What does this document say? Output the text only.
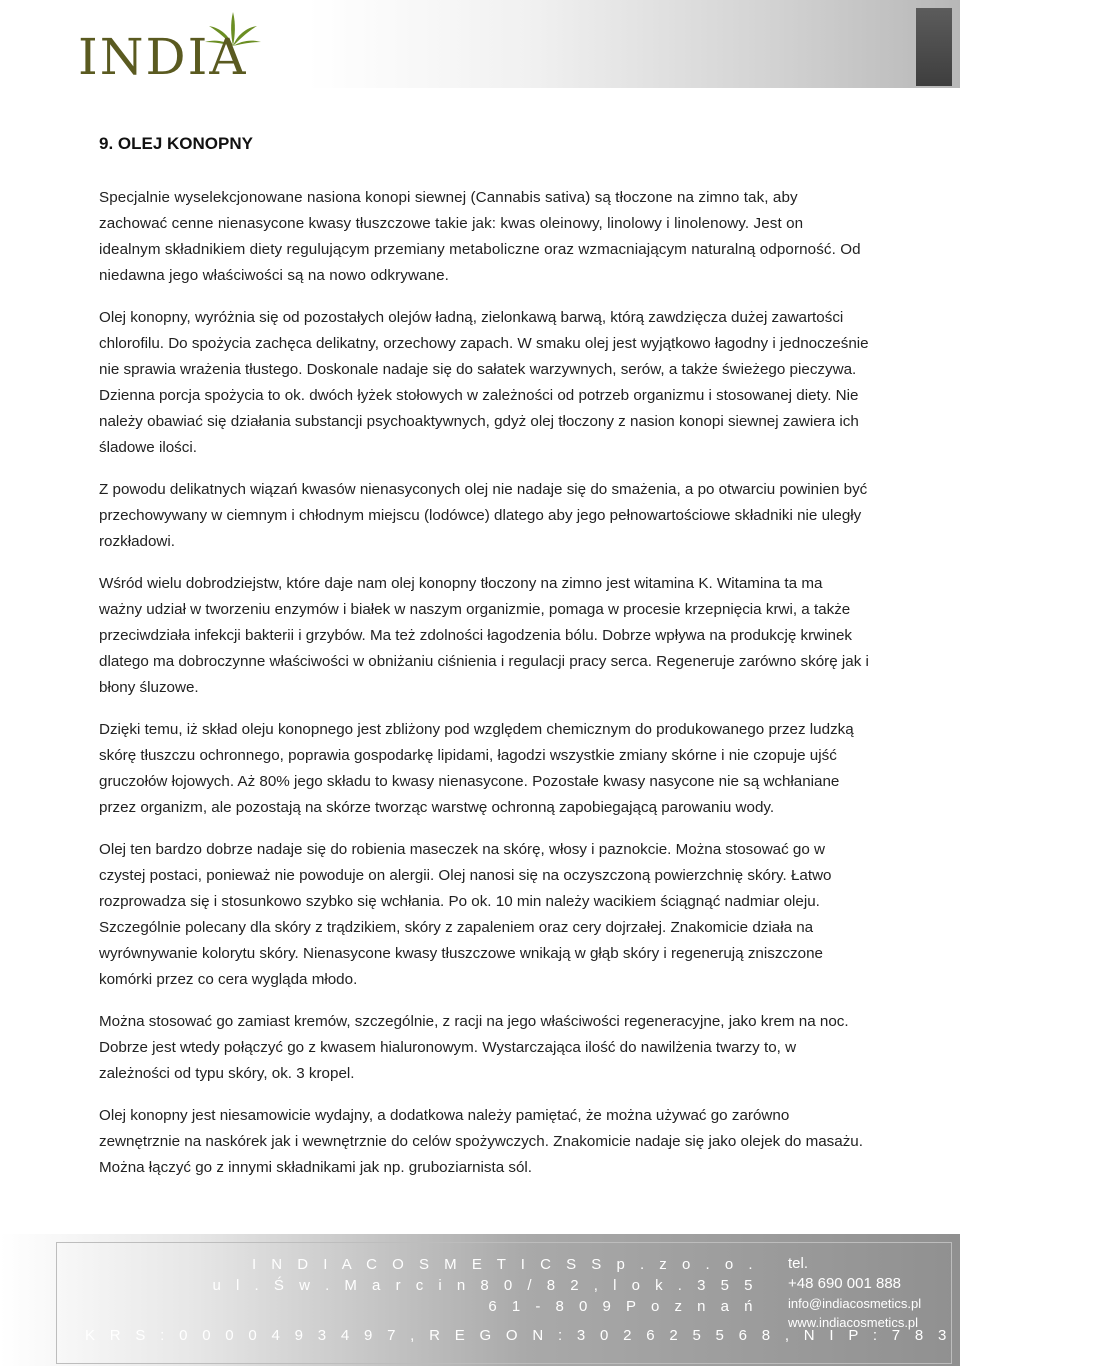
INDIA
9. OLEJ KONOPNY

Specjalnie wyselekcjonowane nasiona konopi siewnej (Cannabis sativa) są tłoczone na zimno tak, aby zachować cenne nienasycone kwasy tłuszczowe takie jak: kwas oleinowy, linolowy i linolenowy. Jest on idealnym składnikiem diety regulującym przemiany metaboliczne oraz wzmacniającym naturalną odporność. Od niedawna jego właściwości są na nowo odkrywane.

Olej konopny, wyróżnia się od pozostałych olejów ładną, zielonkawą barwą, którą zawdzięcza dużej zawartości chlorofilu. Do spożycia zachęca delikatny, orzechowy zapach. W smaku olej jest wyjątkowo łagodny i jednocześnie nie sprawia wrażenia tłustego. Doskonale nadaje się do sałatek warzywnych, serów, a także świeżego pieczywa. Dzienna porcja spożycia to ok. dwóch łyżek stołowych w zależności od potrzeb organizmu i stosowanej diety. Nie należy obawiać się działania substancji psychoaktywnych, gdyż olej tłoczony z nasion konopi siewnej zawiera ich śladowe ilości.

Z powodu delikatnych wiązań kwasów nienasyconych olej nie nadaje się do smażenia, a po otwarciu powinien być przechowywany w ciemnym i chłodnym miejscu (lodówce) dlatego aby jego pełnowartościowe składniki nie uległy rozkładowi.

Wśród wielu dobrodziejstw, które daje nam olej konopny tłoczony na zimno jest witamina K. Witamina ta ma ważny udział w tworzeniu enzymów i białek w naszym organizmie, pomaga w procesie krzepnięcia krwi, a także przeciwdziała infekcji bakterii i grzybów. Ma też zdolności łagodzenia bólu. Dobrze wpływa na produkcję krwinek dlatego ma dobroczynne właściwości w obniżaniu ciśnienia i regulacji pracy serca. Regeneruje zarówno skórę jak i błony śluzowe.

Dzięki temu, iż skład oleju konopnego jest zbliżony pod względem chemicznym do produkowanego przez ludzką skórę tłuszczu ochronnego, poprawia gospodarkę lipidami, łagodzi wszystkie zmiany skórne i nie czopuje ujść gruczołów łojowych. Aż 80% jego składu to kwasy nienasycone. Pozostałe kwasy nasycone nie są wchłaniane przez organizm, ale pozostają na skórze tworząc warstwę ochronną zapobiegającą parowaniu wody.

Olej ten bardzo dobrze nadaje się do robienia maseczek na skórę, włosy i paznokcie. Można stosować go w czystej postaci, ponieważ nie powoduje on alergii. Olej nanosi się na oczyszczoną powierzchnię skóry. Łatwo rozprowadza się i stosunkowo szybko się wchłania. Po ok. 10 min należy wacikiem ściągnąć nadmiar oleju. Szczególnie polecany dla skóry z trądzikiem, skóry z zapaleniem oraz cery dojrzałej. Znakomicie działa na wyrównywanie kolorytu skóry. Nienasycone kwasy tłuszczowe wnikają w głąb skóry i regenerują zniszczone komórki przez co cera wygląda młodo.

Można stosować go zamiast kremów, szczególnie, z racji na jego właściwości regeneracyjne, jako krem na noc. Dobrze jest wtedy połączyć go z kwasem hialuronowym. Wystarczająca ilość do nawilżenia twarzy to, w zależności od typu skóry, ok. 3 kropel.

Olej konopny jest niesamowicie wydajny, a dodatkowa należy pamiętać, że można używać go zarówno zewnętrznie na naskórek jak i wewnętrznie do celów spożywczych. Znakomicie nadaje się jako olejek do masażu. Można łączyć go z innymi składnikami jak np. gruboziarnista sól.

I N D I A C O S M E T I C S S p . z o . o .
u l . Ś w . M a r c i n 8 0 / 8 2 , l o k . 3 5 5
6 1 - 8 0 9 P o z n a ń
K R S : 0 0 0 0 4 9 3 4 9 7 , R E G O N : 3 0 2 6 2 5 5 6 8 , N I P : 7 8 3 1 7 0 8 3 2 0
tel.
+48 690 001 888
info@indiacosmetics.pl
www.indiacosmetics.pl
